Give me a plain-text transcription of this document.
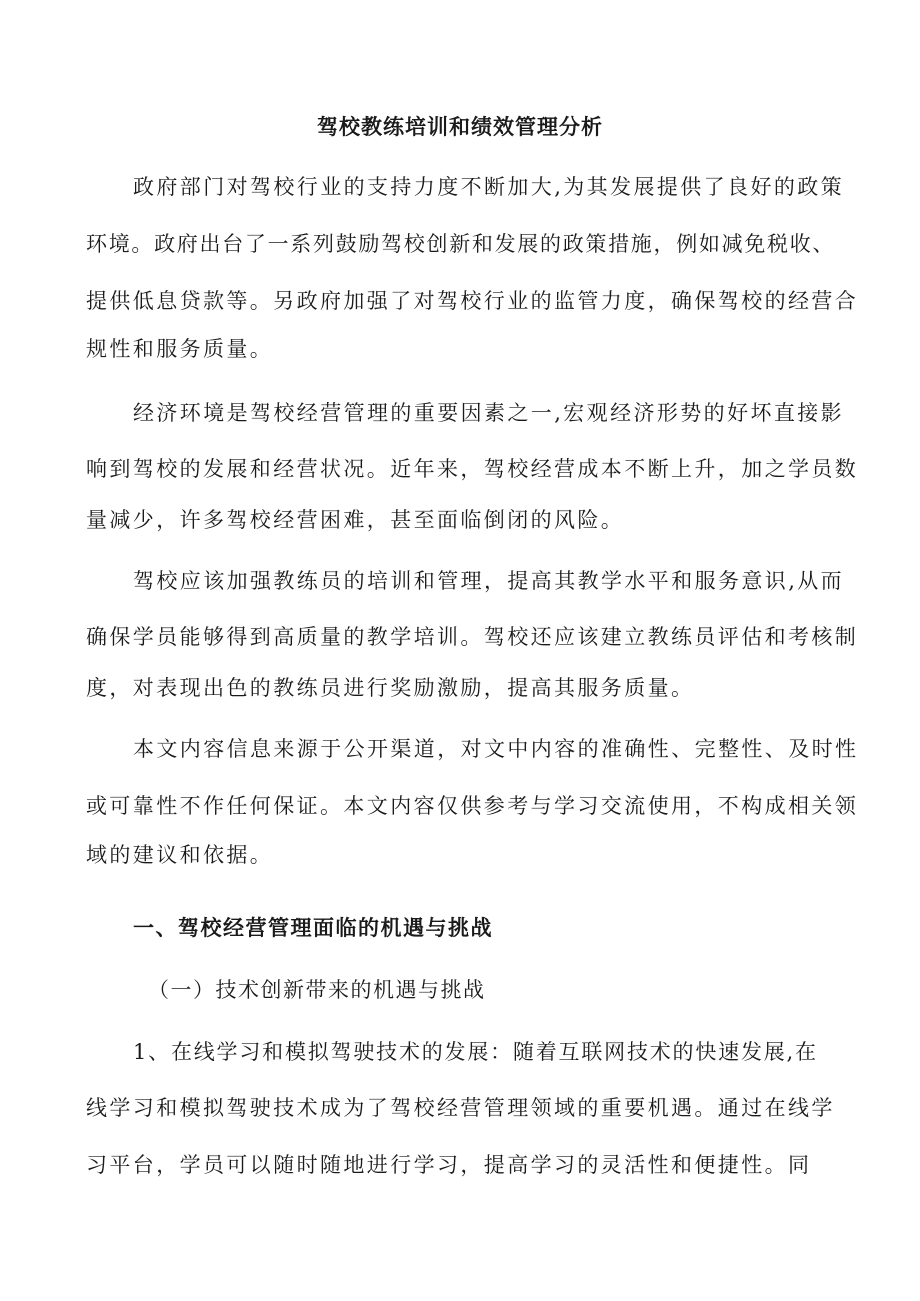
驾校教练培训和绩效管理分析
政府部门对驾校行业的支持力度不断加大,为其发展提供了良好的政策
环境。政府出台了一系列鼓励驾校创新和发展的政策措施，例如减免税收、
提供低息贷款等。另政府加强了对驾校行业的监管力度，确保驾校的经营合
规性和服务质量。
经济环境是驾校经营管理的重要因素之一,宏观经济形势的好坏直接影
响到驾校的发展和经营状况。近年来，驾校经营成本不断上升，加之学员数
量减少，许多驾校经营困难，甚至面临倒闭的风险。
驾校应该加强教练员的培训和管理，提高其教学水平和服务意识,从而
确保学员能够得到高质量的教学培训。驾校还应该建立教练员评估和考核制
度，对表现出色的教练员进行奖励激励，提高其服务质量。
本文内容信息来源于公开渠道，对文中内容的准确性、完整性、及时性
或可靠性不作任何保证。本文内容仅供参考与学习交流使用，不构成相关领
域的建议和依据。
一、驾校经营管理面临的机遇与挑战
（一）技术创新带来的机遇与挑战
1、在线学习和模拟驾驶技术的发展：随着互联网技术的快速发展,在
线学习和模拟驾驶技术成为了驾校经营管理领域的重要机遇。通过在线学
习平台，学员可以随时随地进行学习，提高学习的灵活性和便捷性。同
